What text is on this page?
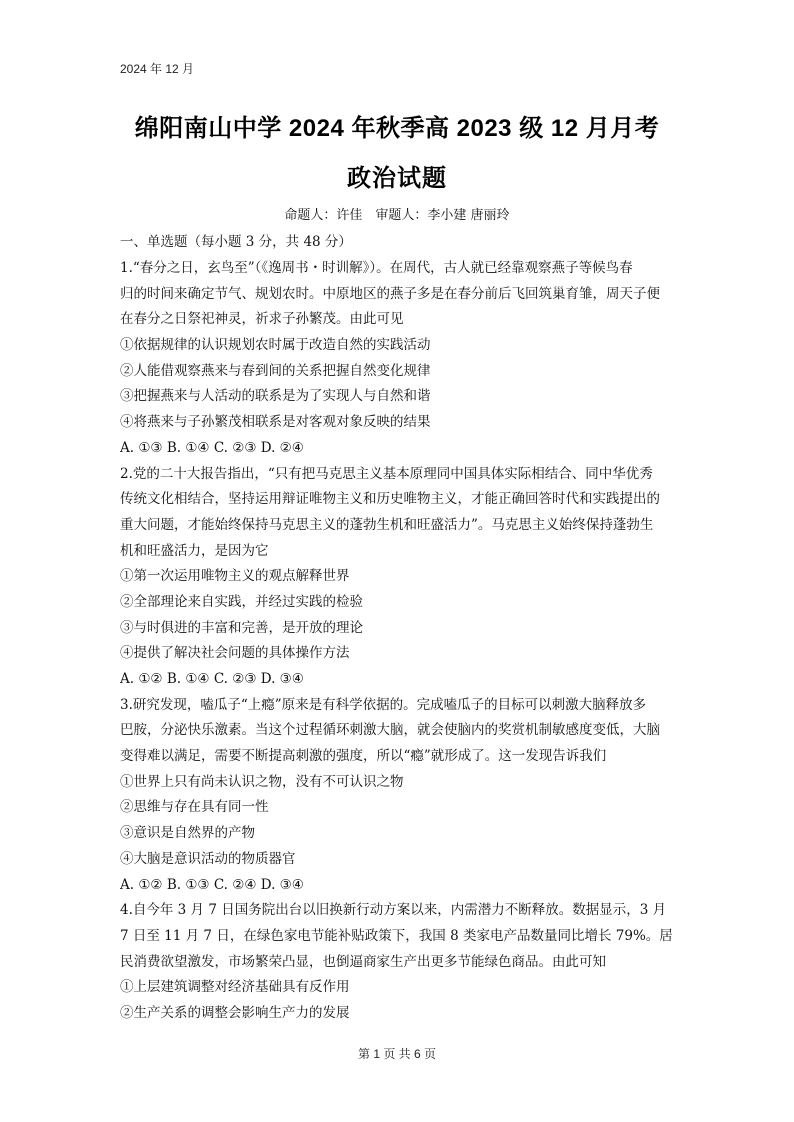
2024 年 12 月
绵阳南山中学 2024 年秋季高 2023 级 12 月月考
政治试题
命题人：许佳　审题人：李小建 唐丽玲
一、单选题（每小题 3 分，共 48 分）
1.“春分之日，玄鸟至”（《逸周书・时训解》）。在周代，古人就已经靠观察燕子等候鸟春
归的时间来确定节气、规划农时。中原地区的燕子多是在春分前后飞回筑巢育雏，周天子便
在春分之日祭祀神灵，祈求子孙繁茂。由此可见
①依据规律的认识规划农时属于改造自然的实践活动
②人能借观察燕来与春到间的关系把握自然变化规律
③把握燕来与人活动的联系是为了实现人与自然和谐
④将燕来与子孙繁茂相联系是对客观对象反映的结果
A. ①③ B. ①④ C. ②③ D. ②④
2.党的二十大报告指出，“只有把马克思主义基本原理同中国具体实际相结合、同中华优秀
传统文化相结合，坚持运用辩证唯物主义和历史唯物主义，才能正确回答时代和实践提出的
重大问题，才能始终保持马克思主义的蓬勃生机和旺盛活力”。马克思主义始终保持蓬勃生
机和旺盛活力，是因为它
①第一次运用唯物主义的观点解释世界
②全部理论来自实践，并经过实践的检验
③与时俱进的丰富和完善，是开放的理论
④提供了解决社会问题的具体操作方法
A. ①② B. ①④ C. ②③ D. ③④
3.研究发现，嗑瓜子“上瘾”原来是有科学依据的。完成嗑瓜子的目标可以刺激大脑释放多
巴胺，分泌快乐激素。当这个过程循环刺激大脑，就会使脑内的奖赏机制敏感度变低，大脑
变得难以满足，需要不断提高刺激的强度，所以“瘾”就形成了。这一发现告诉我们
①世界上只有尚未认识之物，没有不可认识之物
②思维与存在具有同一性
③意识是自然界的产物
④大脑是意识活动的物质器官
A. ①② B. ①③ C. ②④ D. ③④
4.自今年 3 月 7 日国务院出台以旧换新行动方案以来，内需潜力不断释放。数据显示，3 月
7 日至 11 月 7 日，在绿色家电节能补贴政策下，我国 8 类家电产品数量同比增长 79%。居
民消费欲望激发，市场繁荣凸显，也倒逼商家生产出更多节能绿色商品。由此可知
①上层建筑调整对经济基础具有反作用
②生产关系的调整会影响生产力的发展
第 1 页 共 6 页
